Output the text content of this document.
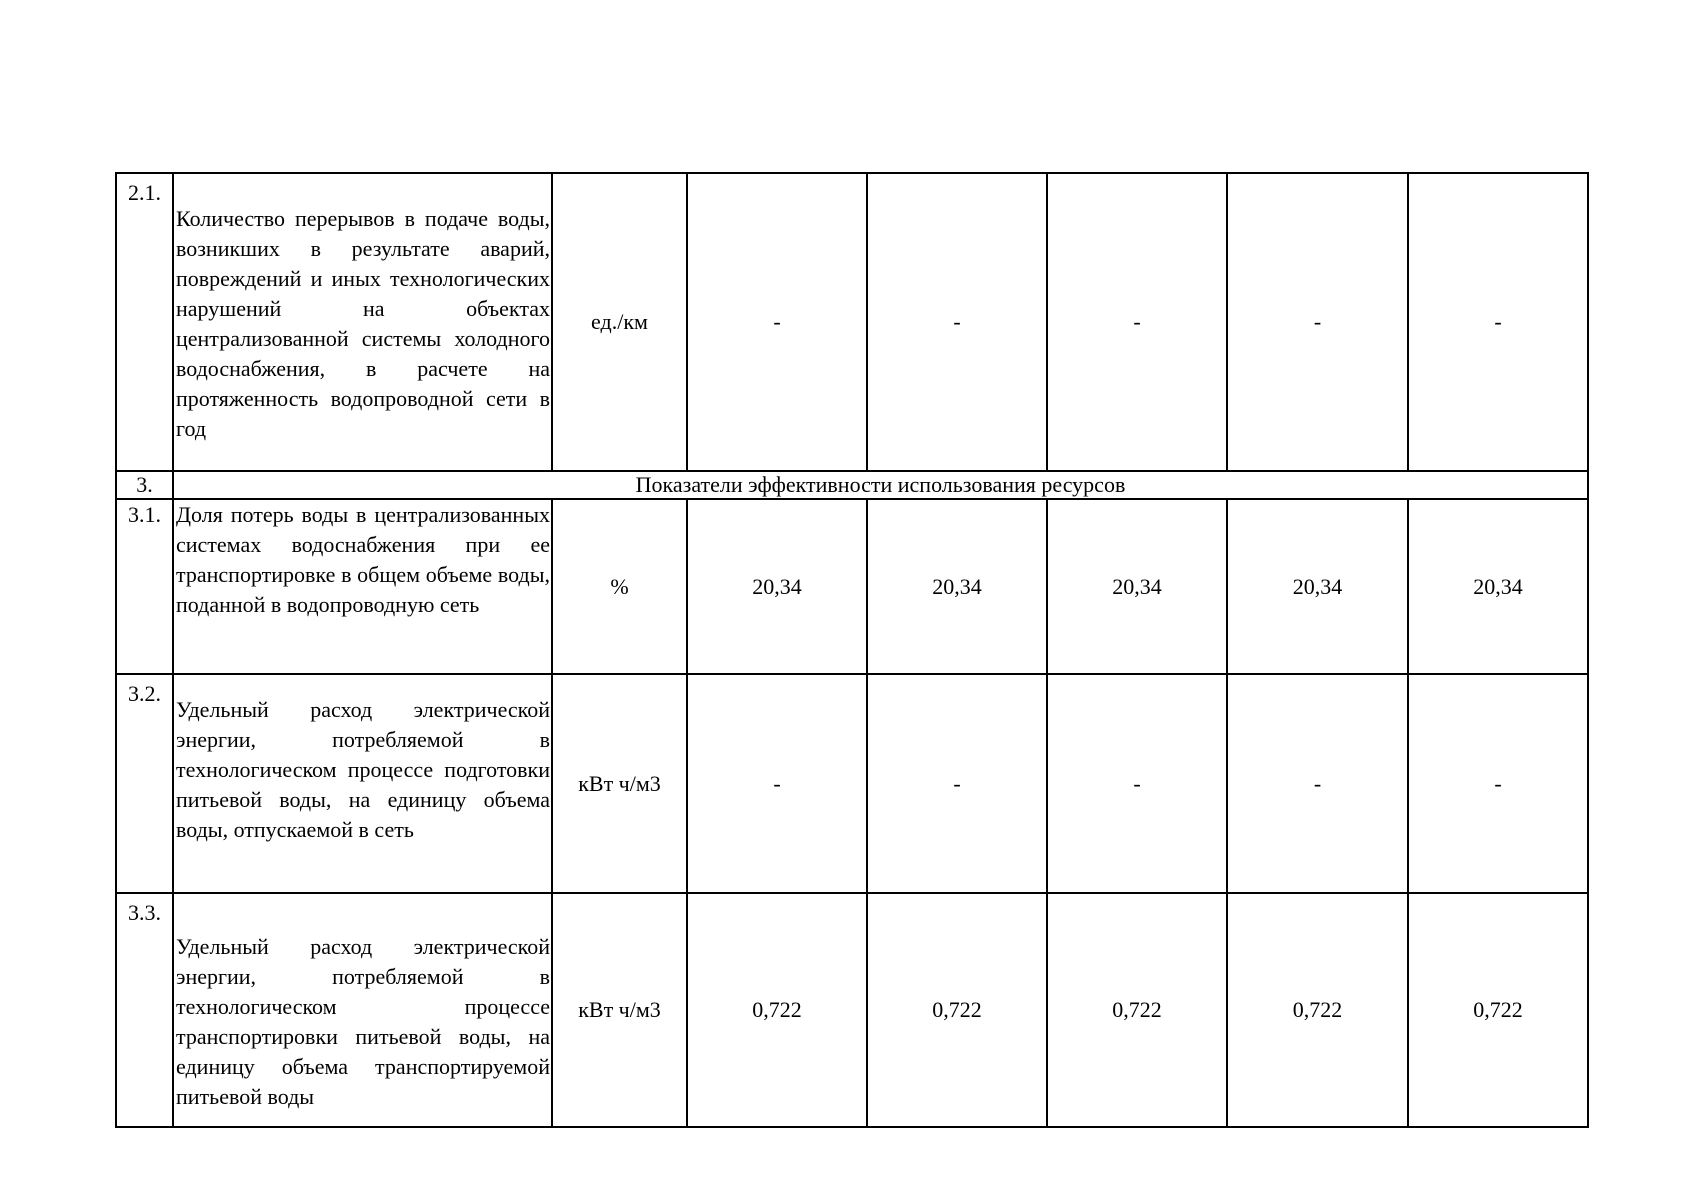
2.1.	Количество перерывов в подаче воды, возникших в результате аварий, повреждений и иных технологических нарушений на объектах централизованной системы холодного водоснабжения, в расчете на протяженность водопроводной сети в год	ед./км	-	-	-	-	-
3.	Показатели эффективности использования ресурсов						
3.1.	Доля потерь воды в централизованных системах водоснабжения при ее транспортировке в общем объеме воды, поданной в водопроводную сеть	%	20,34	20,34	20,34	20,34	20,34
3.2.	Удельный расход электрической энергии, потребляемой в технологическом процессе подготовки питьевой воды, на единицу объема воды, отпускаемой в сеть	кВт ч/м3	-	-	-	-	-
3.3.	Удельный расход электрической энергии, потребляемой в технологическом процессе транспортировки питьевой воды, на единицу объема транспортируемой питьевой воды	кВт ч/м3	0,722	0,722	0,722	0,722	0,722
